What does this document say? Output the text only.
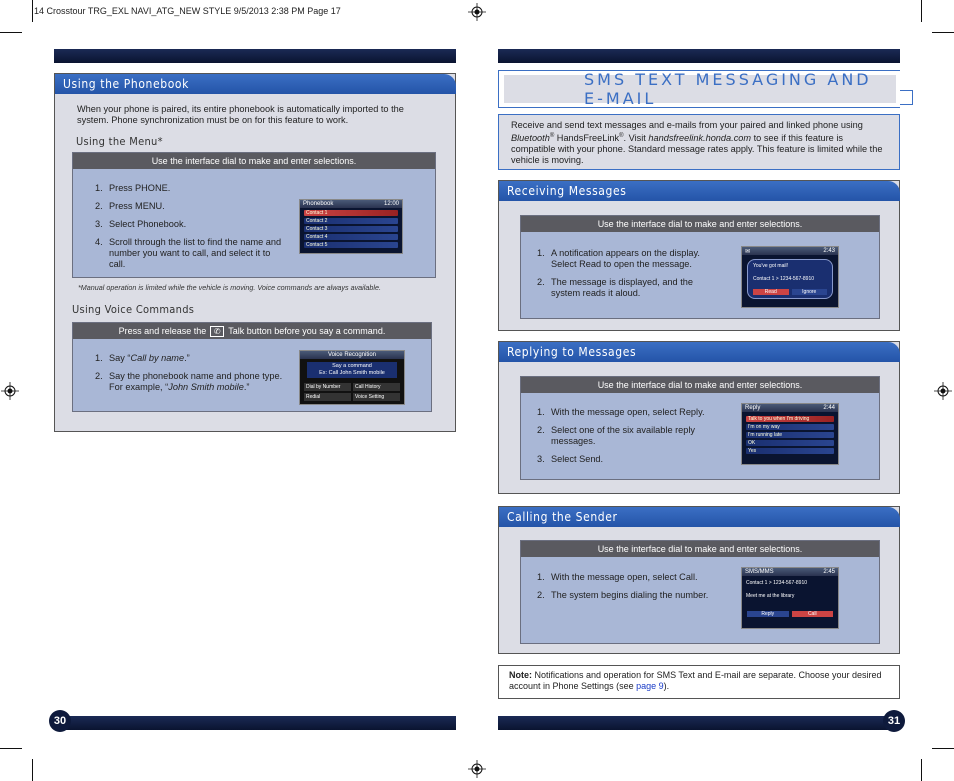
14 Crosstour TRG_EXL NAVI_ATG_NEW STYLE 9/5/2013 2:38 PM Page 17
Using the Phonebook
When your phone is paired, its entire phonebook is automatically imported to the system. Phone synchronization must be on for this feature to work.
Using the Menu*
Use the interface dial to make and enter selections.
1. Press PHONE.
2. Press MENU.
3. Select Phonebook.
4. Scroll through the list to find the name and number you want to call, and select it to call.
Phonebook	12:00
Contact 1
Contact 2
Contact 3
Contact 4
Contact 5
*Manual operation is limited while the vehicle is moving. Voice commands are always available.
Using Voice Commands
Press and release the ✆ Talk button before you say a command.
1. Say “Call by name.”
2. Say the phonebook name and phone type. For example, “John Smith mobile.”
Voice Recognition
Say a command
Ex: Call John Smith mobile
Dial by Number	Call History
Redial	Voice Setting
30
SMS TEXT MESSAGING AND E-MAIL
Receive and send text messages and e-mails from your paired and linked phone using Bluetooth® HandsFreeLink®. Visit handsfreelink.honda.com to see if this feature is compatible with your phone. Standard message rates apply. This feature is limited while the vehicle is moving.
Receiving Messages
Use the interface dial to make and enter selections.
1. A notification appears on the display. Select Read to open the message.
2. The message is displayed, and the system reads it aloud.
✉	2:43
You've got mail!
Contact 1 > 1234-567-8910
Read	Ignore
Replying to Messages
Use the interface dial to make and enter selections.
1. With the message open, select Reply.
2. Select one of the six available reply messages.
3. Select Send.
Reply	2:44
Talk to you when I'm driving
I'm on my way
I'm running late
OK
Yes
Calling the Sender
Use the interface dial to make and enter selections.
1. With the message open, select Call.
2. The system begins dialing the number.
SMS/MMS	2:45
Contact 1 > 1234-567-8910
Meet me at the library
Reply	Call
Note: Notifications and operation for SMS Text and E-mail are separate. Choose your desired account in Phone Settings (see page 9).
31
